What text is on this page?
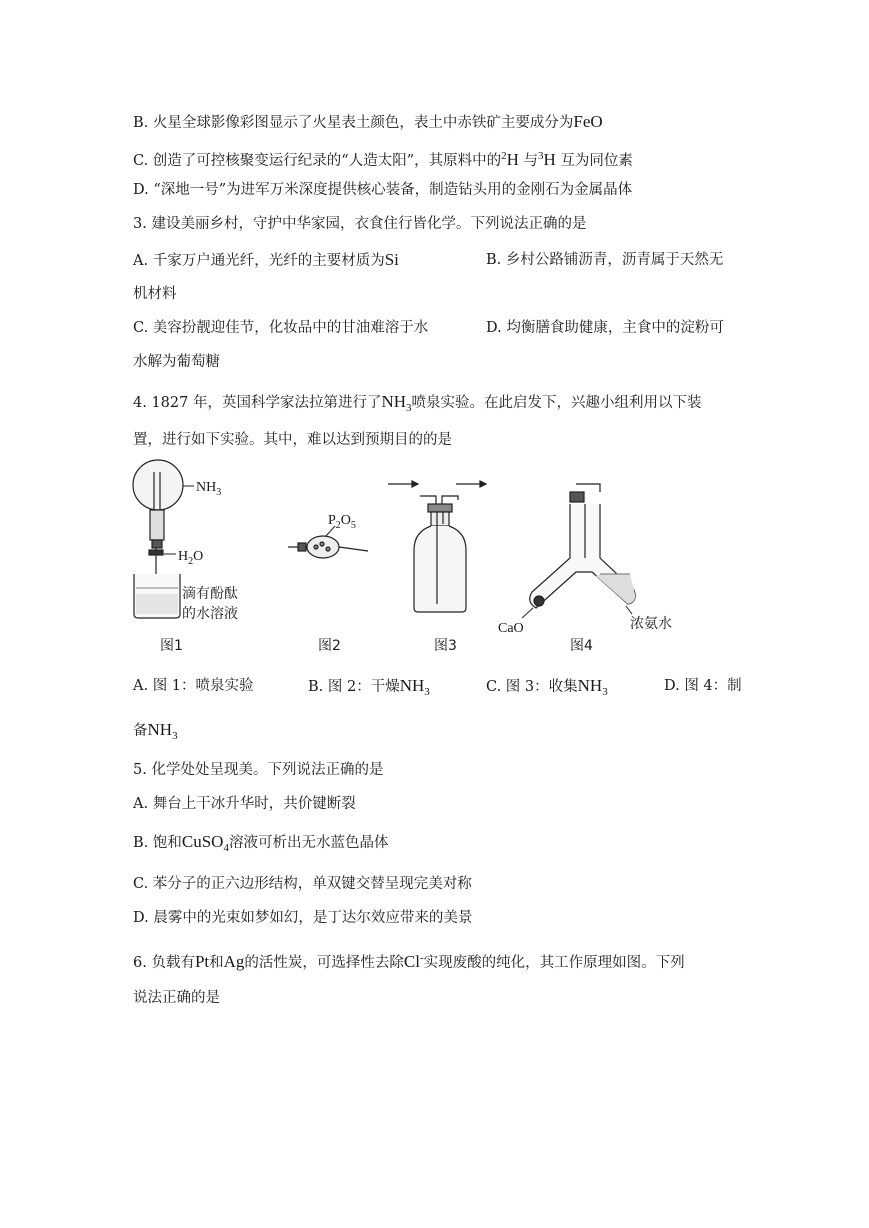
B. 火星全球影像彩图显示了火星表土颜色，表土中赤铁矿主要成分为FeO
C. 创造了可控核聚变运行纪录的“人造太阳”，其原料中的$^2$H 与$^3$H 互为同位素
D. “深地一号”为进军万米深度提供核心装备，制造钻头用的金刚石为金属晶体
3. 建设美丽乡村，守护中华家园，衣食住行皆化学。下列说法正确的是
A. 千家万户通光纤，光纤的主要材质为Si	B. 乡村公路铺沥青，沥青属于天然无
机材料
C. 美容扮靓迎佳节，化妆品中的甘油难溶于水	D. 均衡膳食助健康，主食中的淀粉可
水解为葡萄糖
4. 1827 年，英国科学家法拉第进行了$NH_3$喷泉实验。在此启发下，兴趣小组利用以下装
置，进行如下实验。其中，难以达到预期目的的是
$NH_3$
$H_2O$
滴有酚酞
的水溶液
图1
$P_2O_5$
图2	图3
CaO	浓氨水
图4
A. 图 1：喷泉实验	B. 图 2：干燥$NH_3$	C. 图 3：收集$NH_3$	D. 图 4：制
备$NH_3$
5. 化学处处呈现美。下列说法正确的是
A. 舞台上干冰升华时，共价键断裂
B. 饱和CuSO$_4$溶液可析出无水蓝色晶体
C. 苯分子的正六边形结构，单双键交替呈现完美对称
D. 晨雾中的光束如梦如幻，是丁达尔效应带来的美景
6. 负载有Pt和Ag的活性炭，可选择性去除Cl-实现废酸的纯化，其工作原理如图。下列
说法正确的是
